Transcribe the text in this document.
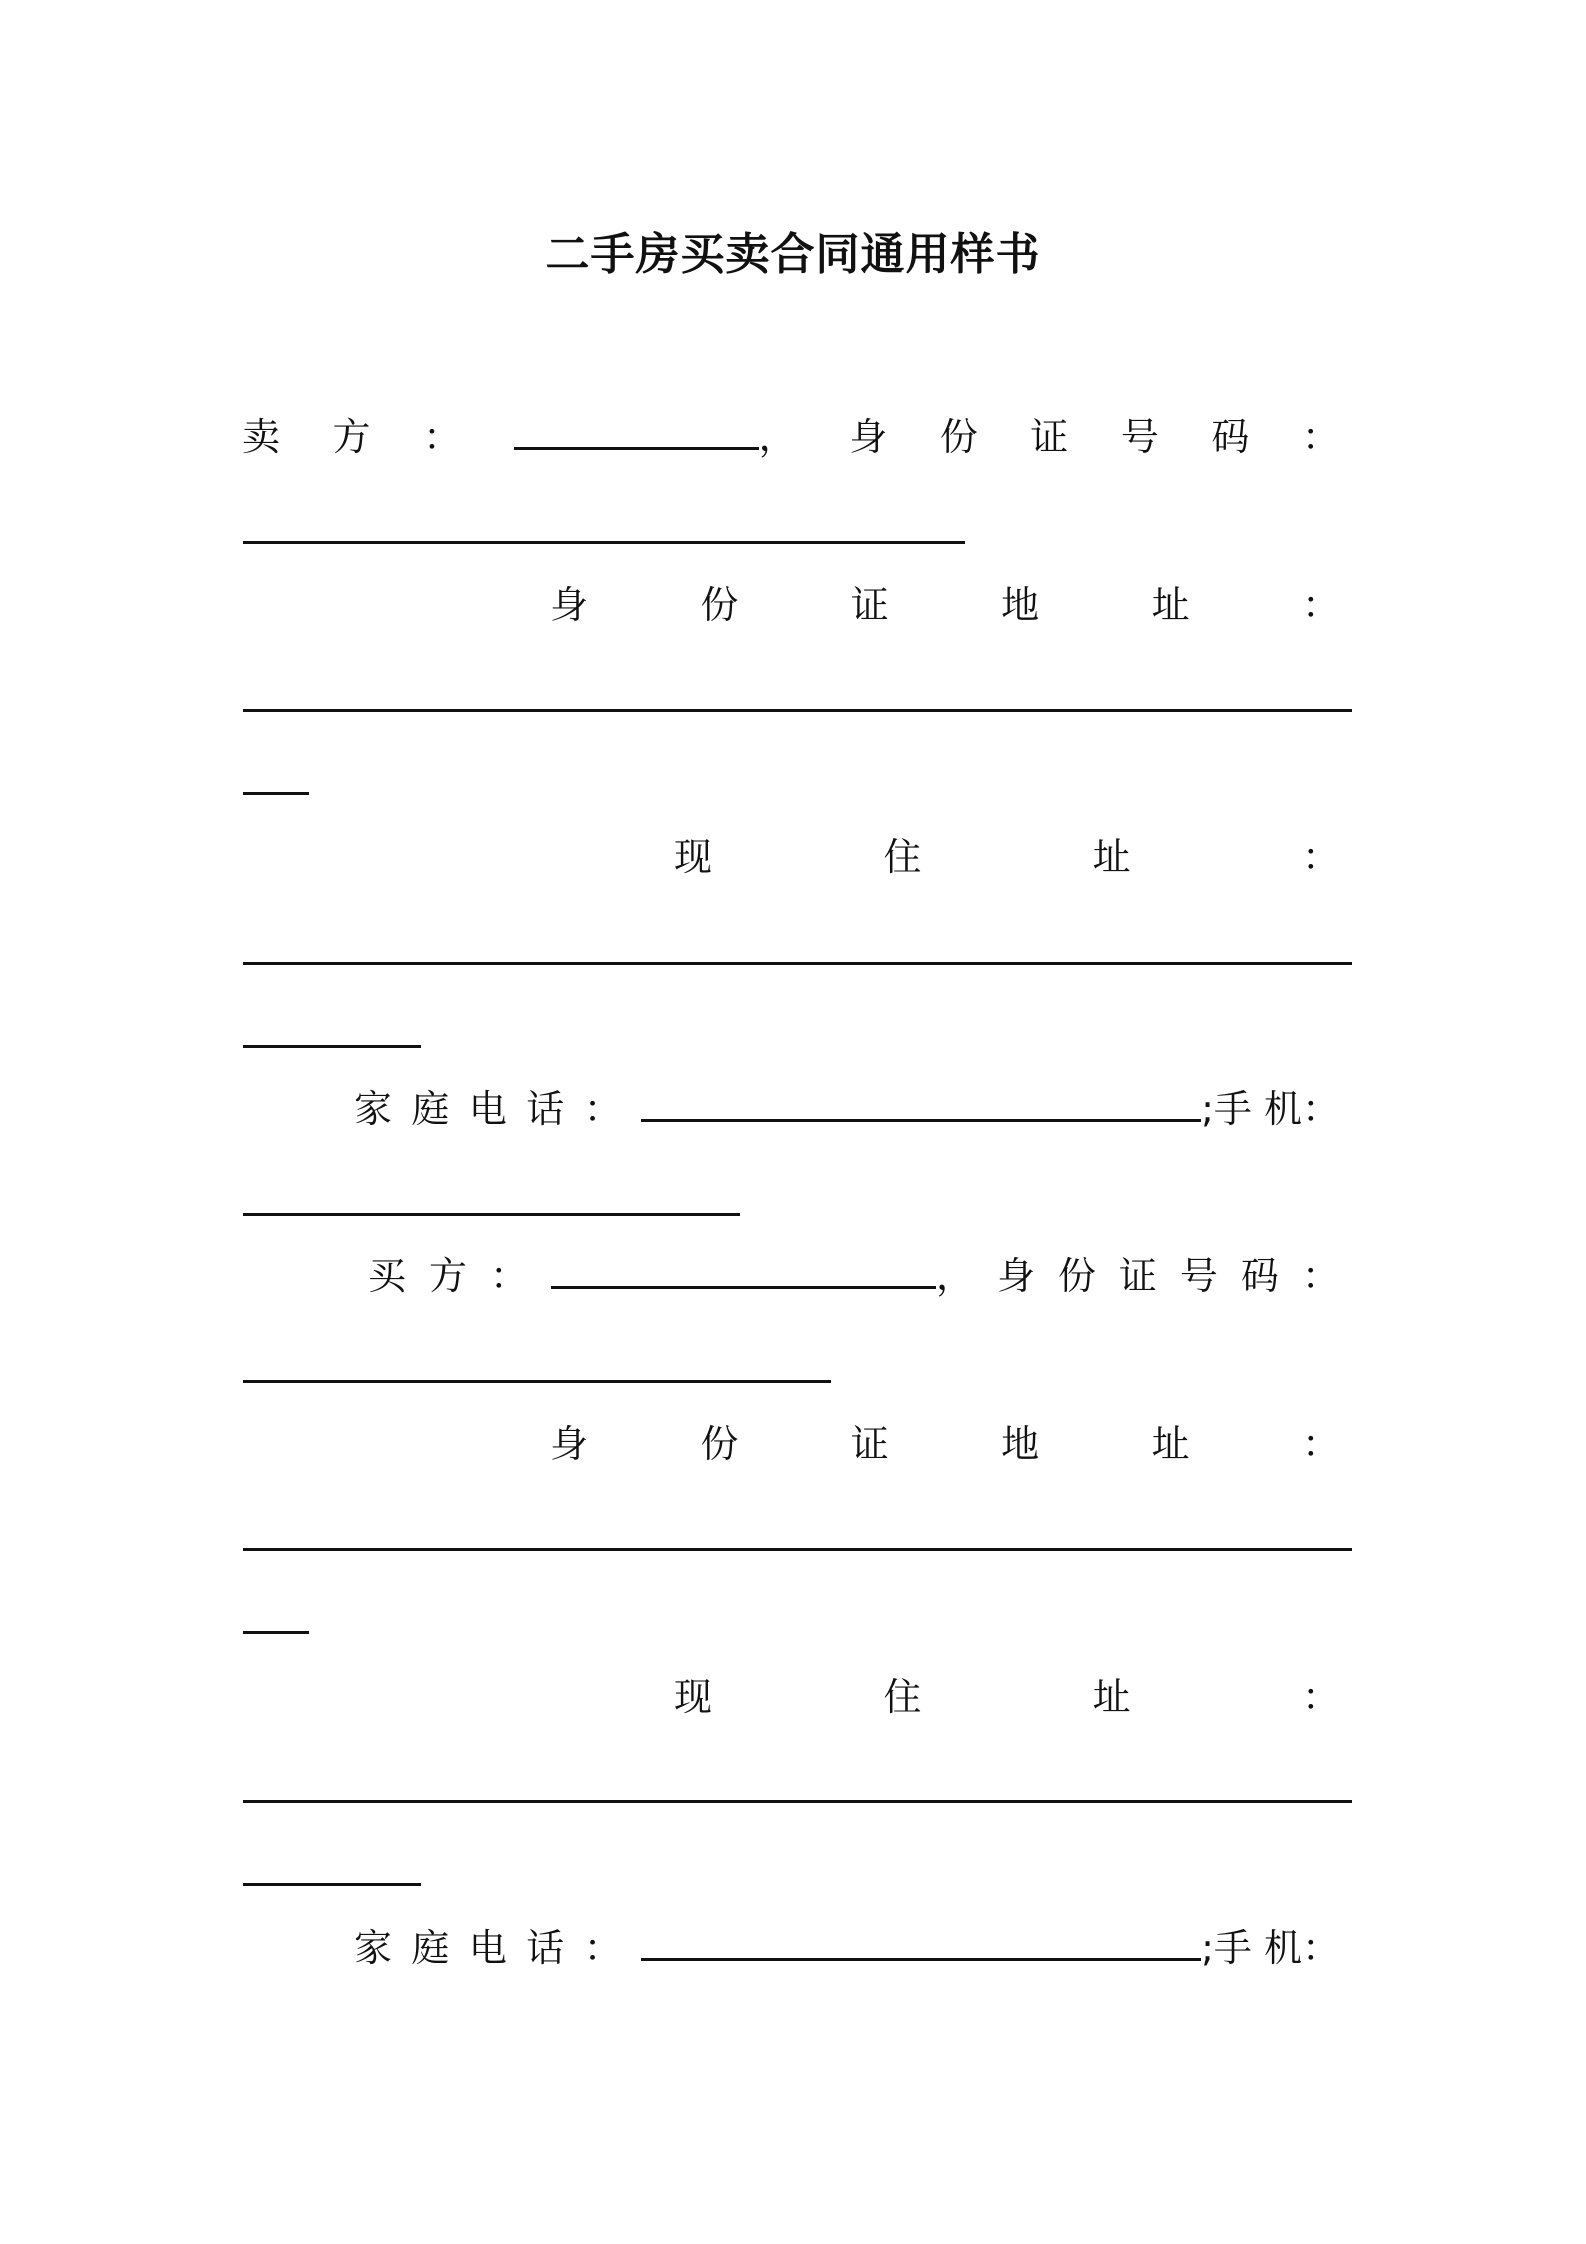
二手房买卖合同通用样书
卖 方 ：	， 身 份 证 号 码 ：
身	份	证	地	址	：
现	住	址	：
家 庭 电 话 ：	;手 机：
买 方 ：	， 身 份 证 号 码 ：
身	份	证	地	址	：
现	住	址	：
家 庭 电 话 ：	;手 机：
